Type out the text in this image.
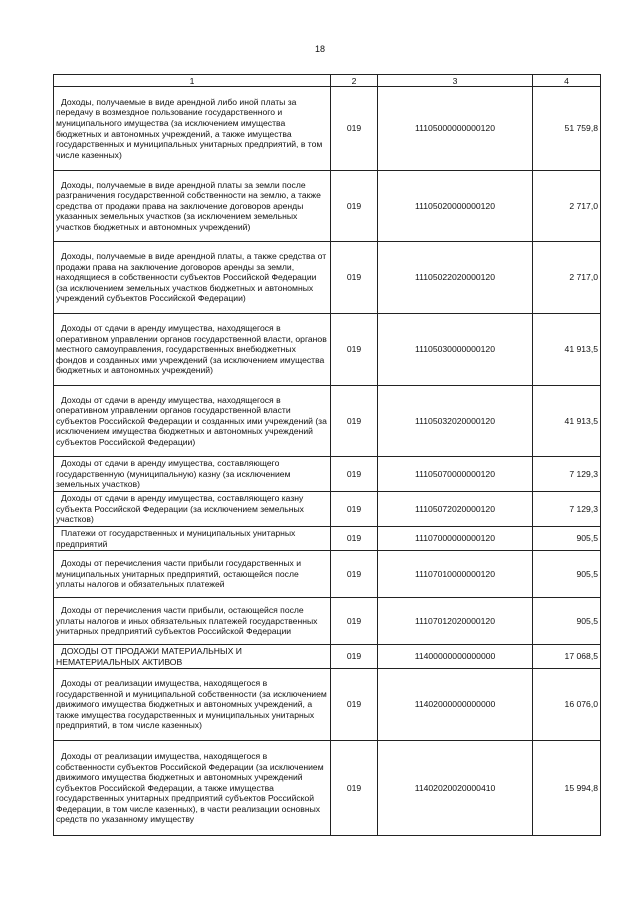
18
1	2	3	4
Доходы, получаемые в виде арендной либо иной платы за передачу в возмездное пользование государственного и муниципального имущества (за исключением имущества бюджетных и автономных учреждений, а также имущества государственных и муниципальных унитарных предприятий, в том числе казенных)	019	11105000000000120	51 759,8
Доходы, получаемые в виде арендной платы за земли после разграничения государственной собственности на землю, а также средства от продажи права на заключение договоров аренды указанных земельных участков (за исключением земельных участков бюджетных и автономных учреждений)	019	11105020000000120	2 717,0
Доходы, получаемые в виде арендной платы, а также средства от продажи права на заключение договоров аренды за земли, находящиеся в собственности субъектов Российской Федерации (за исключением земельных участков бюджетных и автономных учреждений субъектов Российской Федерации)	019	11105022020000120	2 717,0
Доходы от сдачи в аренду имущества, находящегося в оперативном управлении органов государственной власти, органов местного самоуправления, государственных внебюджетных фондов и созданных ими учреждений (за исключением имущества бюджетных и автономных учреждений)	019	11105030000000120	41 913,5
Доходы от сдачи в аренду имущества, находящегося в оперативном управлении органов государственной власти субъектов Российской Федерации и созданных ими учреждений (за исключением имущества бюджетных и автономных учреждений субъектов Российской Федерации)	019	11105032020000120	41 913,5
Доходы от сдачи в аренду имущества, составляющего государственную (муниципальную) казну (за исключением земельных участков)	019	11105070000000120	7 129,3
Доходы от сдачи в аренду имущества, составляющего казну субъекта Российской Федерации (за исключением земельных участков)	019	11105072020000120	7 129,3
Платежи от государственных и муниципальных унитарных предприятий	019	11107000000000120	905,5
Доходы от перечисления части прибыли государственных и муниципальных унитарных предприятий, остающейся после уплаты налогов и обязательных платежей	019	11107010000000120	905,5
Доходы от перечисления части прибыли, остающейся после уплаты налогов и иных обязательных платежей государственных унитарных предприятий субъектов Российской Федерации	019	11107012020000120	905,5
ДОХОДЫ ОТ ПРОДАЖИ МАТЕРИАЛЬНЫХ И НЕМАТЕРИАЛЬНЫХ АКТИВОВ	019	11400000000000000	17 068,5
Доходы от реализации имущества, находящегося в государственной и муниципальной собственности (за исключением движимого имущества бюджетных и автономных учреждений, а также имущества государственных и муниципальных унитарных предприятий, в том числе казенных)	019	11402000000000000	16 076,0
Доходы от реализации имущества, находящегося в собственности субъектов Российской Федерации (за исключением движимого имущества бюджетных и автономных учреждений субъектов Российской Федерации, а также имущества государственных унитарных предприятий субъектов Российской Федерации, в том числе казенных), в части реализации основных средств по указанному имуществу	019	11402020020000410	15 994,8
